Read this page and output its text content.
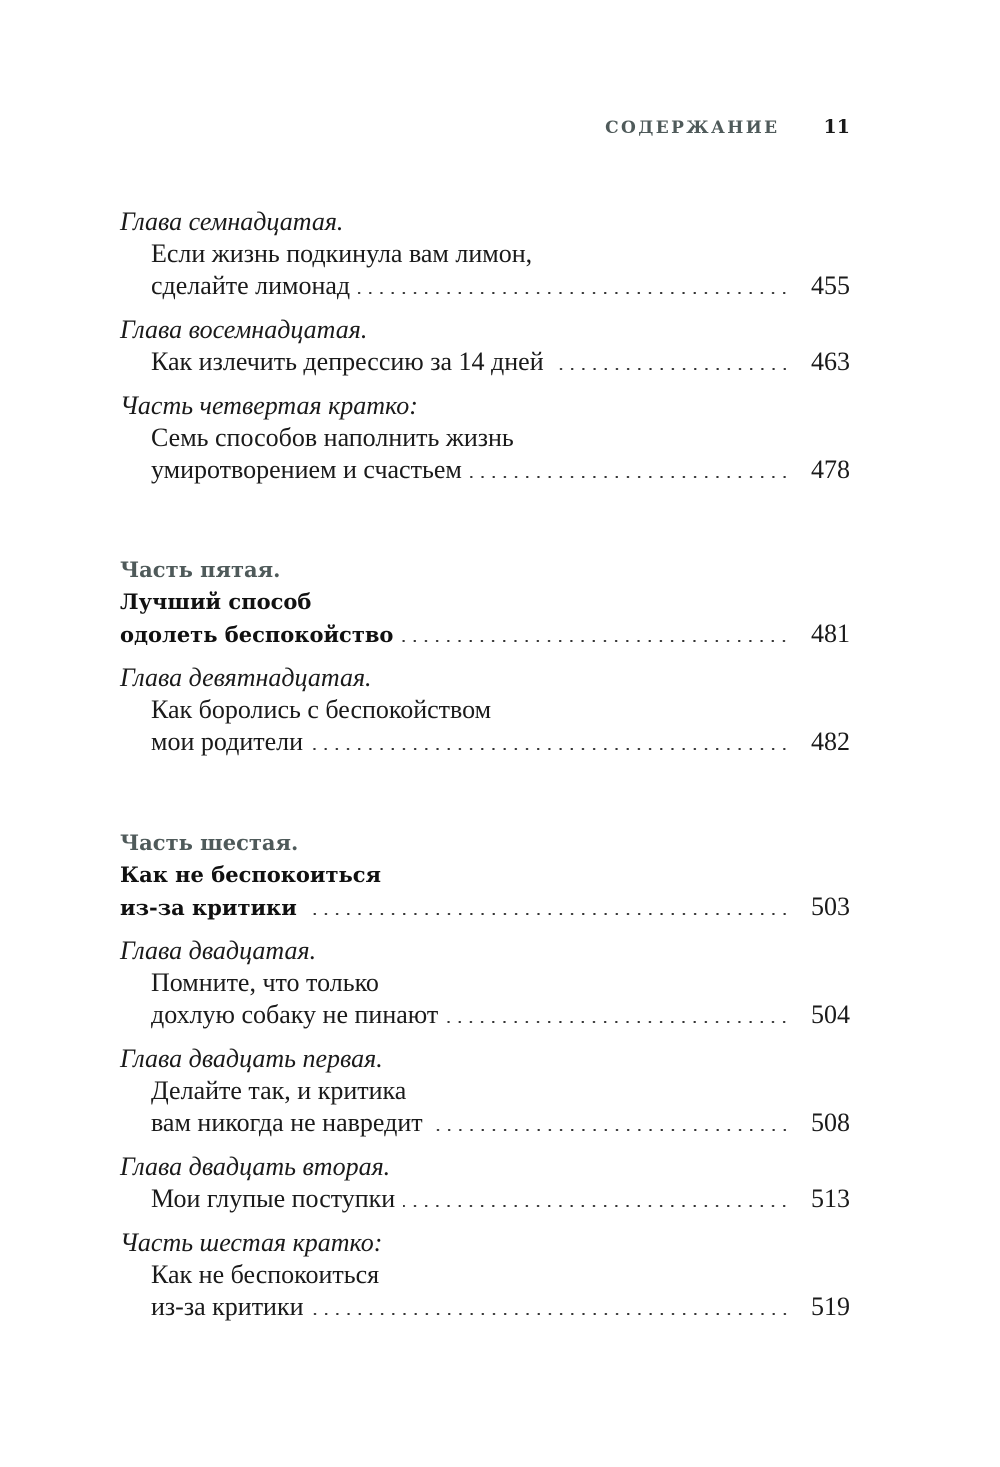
СОДЕРЖАНИЕ 11
Глава семнадцатая.
Если жизнь подкинула вам лимон,
сделайте лимонад	455
Глава восемнадцатая.
Как излечить депрессию за 14 дней	463
Часть четвертая кратко:
Семь способов наполнить жизнь
умиротворением и счастьем	478
Часть пятая.
Лучший способ
одолеть беспокойство	481
Глава девятнадцатая.
Как боролись с беспокойством
мои родители	482
Часть шестая.
Как не беспокоиться
из-за критики	503
Глава двадцатая.
Помните, что только
дохлую собаку не пинают	504
Глава двадцать первая.
Делайте так, и критика
вам никогда не навредит	508
Глава двадцать вторая.
Мои глупые поступки	513
Часть шестая кратко:
Как не беспокоиться
из-за критики	519
